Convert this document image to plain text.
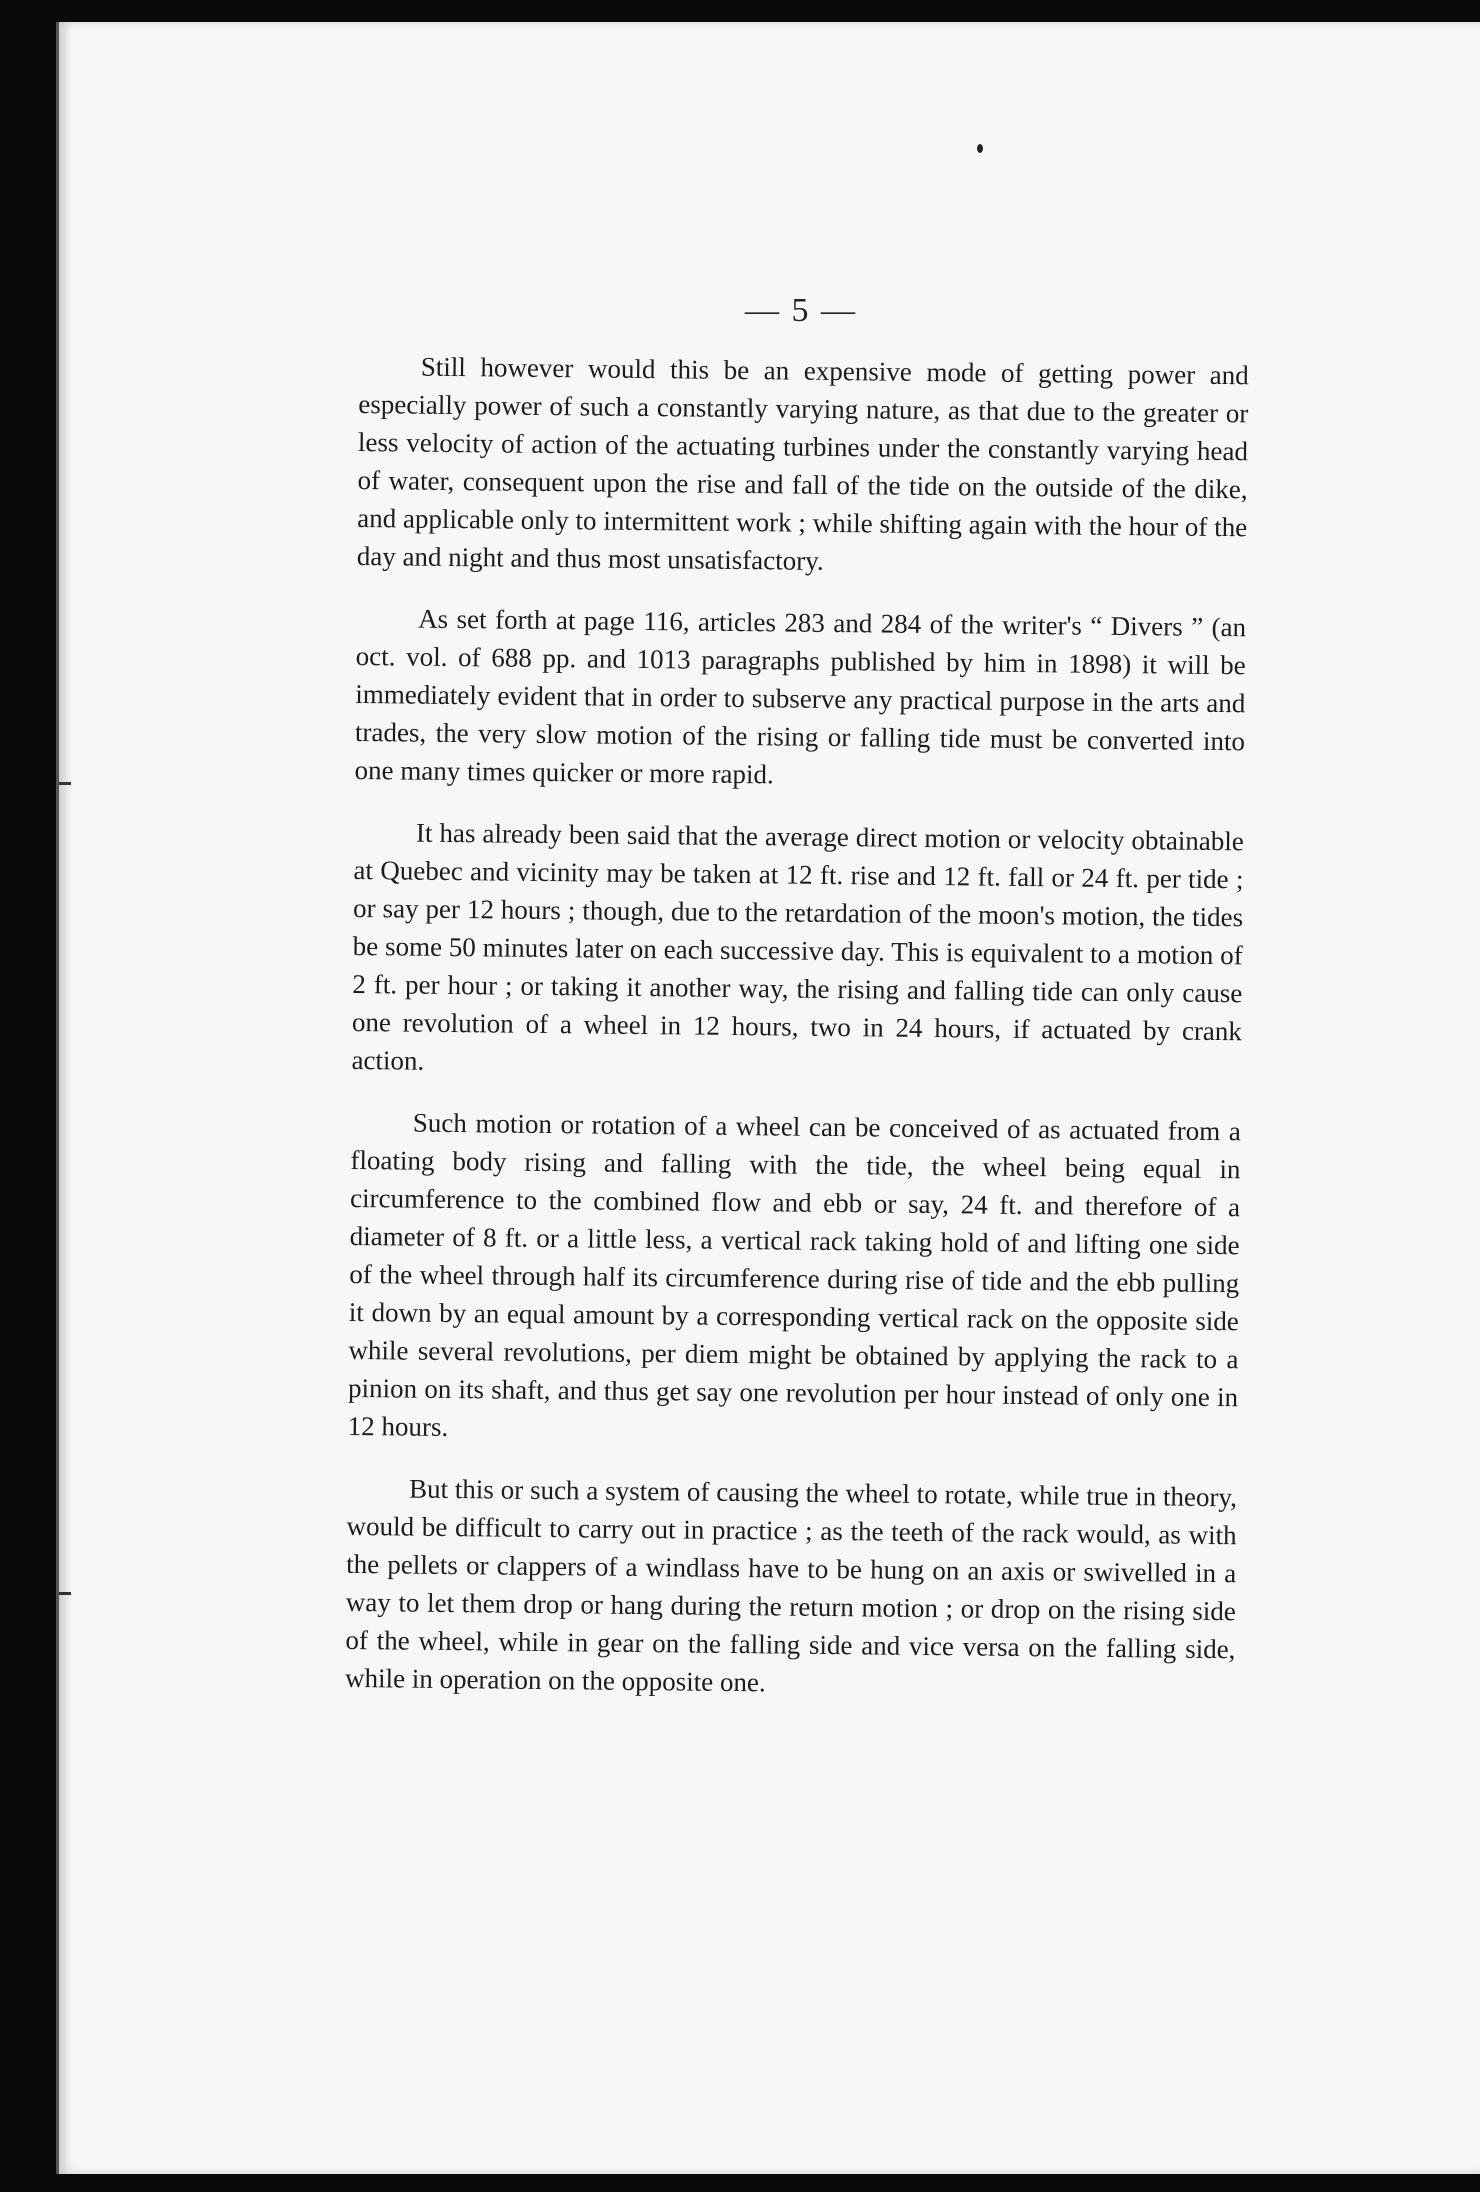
— 5 —

Still however would this be an expensive mode of getting power and especially power of such a constantly varying nature, as that due to the greater or less velocity of action of the actuating turbines under the constantly varying head of water, consequent upon the rise and fall of the tide on the outside of the dike, and applicable only to intermittent work ; while shifting again with the hour of the day and night and thus most unsatisfactory.

As set forth at page 116, articles 283 and 284 of the writer's “ Divers ” (an oct. vol. of 688 pp. and 1013 paragraphs published by him in 1898) it will be immediately evident that in order to subserve any practical purpose in the arts and trades, the very slow motion of the rising or falling tide must be converted into one many times quicker or more rapid.

It has already been said that the average direct motion or velocity obtainable at Quebec and vicinity may be taken at 12 ft. rise and 12 ft. fall or 24 ft. per tide ; or say per 12 hours ; though, due to the retardation of the moon's motion, the tides be some 50 minutes later on each successive day. This is equivalent to a motion of 2 ft. per hour ; or taking it another way, the rising and falling tide can only cause one revolution of a wheel in 12 hours, two in 24 hours, if actuated by crank action.

Such motion or rotation of a wheel can be conceived of as actuated from a floating body rising and falling with the tide, the wheel being equal in circumference to the combined flow and ebb or say, 24 ft. and therefore of a diameter of 8 ft. or a little less, a vertical rack taking hold of and lifting one side of the wheel through half its circumference during rise of tide and the ebb pulling it down by an equal amount by a corresponding vertical rack on the opposite side while several revolutions, per diem might be obtained by applying the rack to a pinion on its shaft, and thus get say one revolution per hour instead of only one in 12 hours.

But this or such a system of causing the wheel to rotate, while true in theory, would be difficult to carry out in practice ; as the teeth of the rack would, as with the pellets or clappers of a windlass have to be hung on an axis or swivelled in a way to let them drop or hang during the return motion ; or drop on the rising side of the wheel, while in gear on the falling side and vice versa on the falling side, while in operation on the opposite one.
